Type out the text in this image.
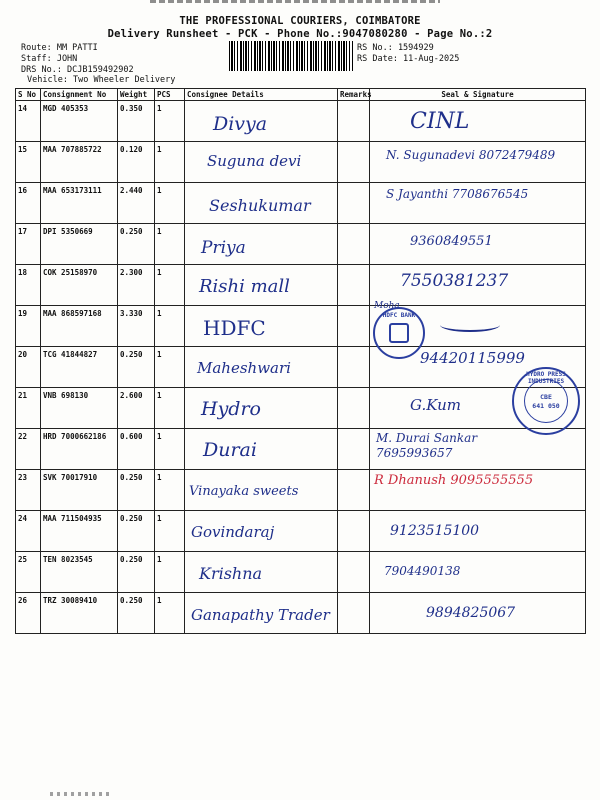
THE PROFESSIONAL COURIERS, COIMBATORE
Delivery Runsheet - PCK - Phone No.:9047080280 - Page No.:2
Route: MM PATTI
Staff: JOHN
DRS No.: DCJB159492902
Vehicle: Two Wheeler Delivery
RS No.: 1594929
RS Date: 11-Aug-2025
S No	Consignment No	Weight	PCS	Consignee Details	Remarks	Seal & Signature
14	MGD 405353	0.350	1	Divya		CINL

15	MAA 707885722	0.120	1	Suguna devi		N. Sugunadevi 8072479489

16	MAA 653173111	2.440	1	Seshukumar		S Jayanthi 7708676545

17	DPI 5350669	0.250	1	Priya		9360849551

18	COK 25158970	2.300	1	Rishi mall		7550381237

19	MAA 868597168	3.330	1	HDFC		Moha

20	TCG 41844827	0.250	1	Maheshwari		94420115999

21	VNB 698130	2.600	1	Hydro		G.Kum

22	HRD 7000662186	0.600	1	Durai		M. Durai Sankar 7695993657

23	SVK 70017910	0.250	1	Vinayaka sweets		R Dhanush 9095555555

24	MAA 711504935	0.250	1	Govindaraj		9123515100

25	TEN 8023545	0.250	1	Krishna		7904490138

26	TRZ 30089410	0.250	1	Ganapathy Trader		9894825067
HDFC BANK
HYDRO PRESS INDUSTRIES
CBE
641 050
